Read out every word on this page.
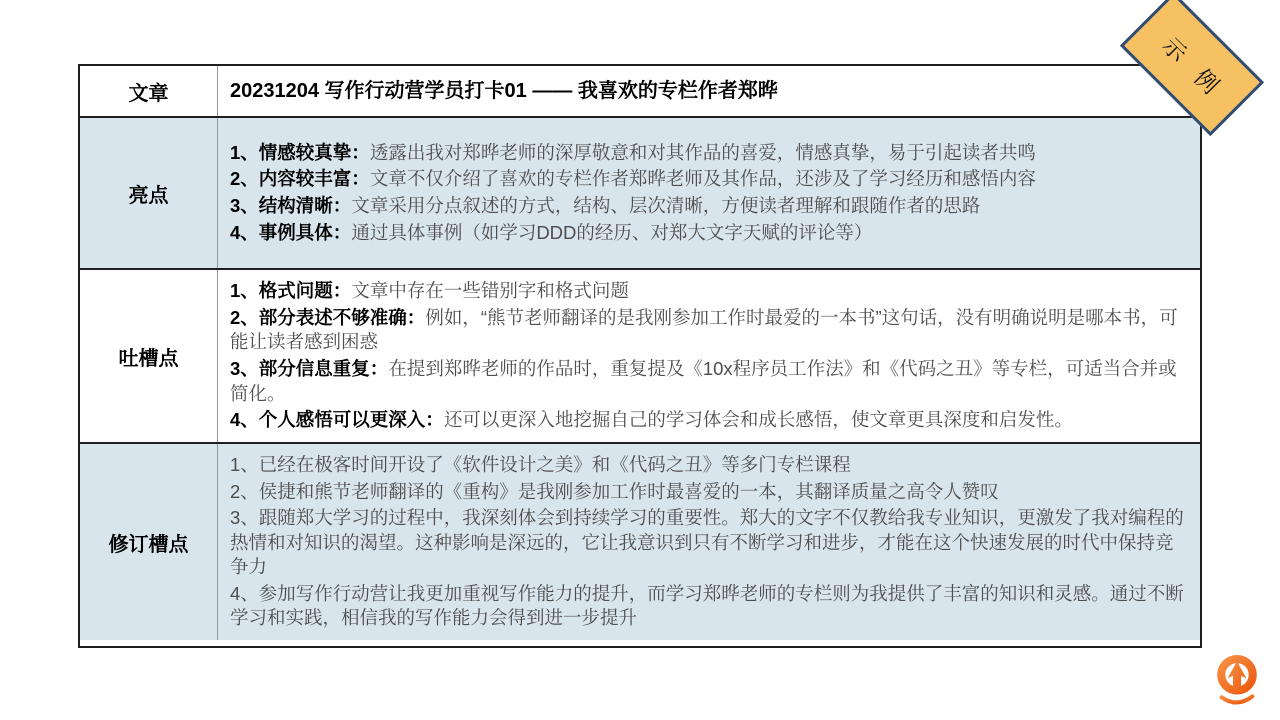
文章	20231204 写作行动营学员打卡01 —— 我喜欢的专栏作者郑晔
亮点

1、情感较真挚：透露出我对郑晔老师的深厚敬意和对其作品的喜爱，情感真挚，易于引起读者共鸣

2、内容较丰富：文章不仅介绍了喜欢的专栏作者郑晔老师及其作品，还涉及了学习经历和感悟内容

3、结构清晰：文章采用分点叙述的方式，结构、层次清晰，方便读者理解和跟随作者的思路

4、事例具体：通过具体事例（如学习DDD的经历、对郑大文字天赋的评论等）

吐槽点

1、格式问题：文章中存在一些错别字和格式问题

2、部分表述不够准确：例如，“熊节老师翻译的是我刚参加工作时最爱的一本书”这句话，没有明确说明是哪本书，可能让读者感到困惑

3、部分信息重复：在提到郑晔老师的作品时，重复提及《10x程序员工作法》和《代码之丑》等专栏，可适当合并或简化。

4、个人感悟可以更深入：还可以更深入地挖掘自己的学习体会和成长感悟，使文章更具深度和启发性。

修订槽点

1、已经在极客时间开设了《软件设计之美》和《代码之丑》等多门专栏课程

2、侯捷和熊节老师翻译的《重构》是我刚参加工作时最喜爱的一本，其翻译质量之高令人赞叹

3、跟随郑大学习的过程中，我深刻体会到持续学习的重要性。郑大的文字不仅教给我专业知识，更激发了我对编程的热情和对知识的渴望。这种影响是深远的，它让我意识到只有不断学习和进步，才能在这个快速发展的时代中保持竞争力

4、参加写作行动营让我更加重视写作能力的提升，而学习郑晔老师的专栏则为我提供了丰富的知识和灵感。通过不断学习和实践，相信我的写作能力会得到进一步提升

示例
